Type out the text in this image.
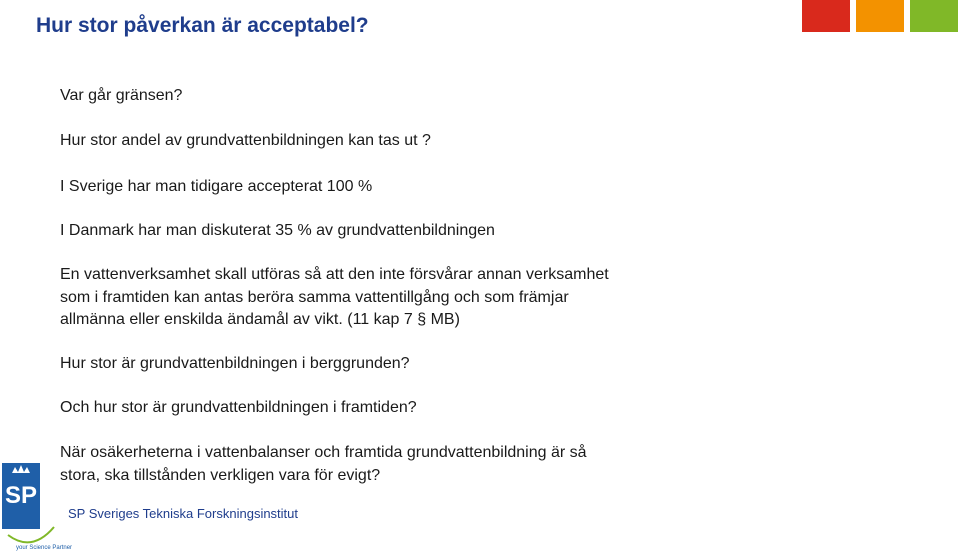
Hur stor påverkan är acceptabel?

Var går gränsen?

Hur stor andel av grundvattenbildningen kan tas ut ?

I Sverige har man tidigare accepterat 100 %

I Danmark har man diskuterat 35 % av grundvattenbildningen

En vattenverksamhet skall utföras så att den inte försvårar annan verksamhet
som i framtiden kan antas beröra samma vattentillgång och som främjar
allmänna eller enskilda ändamål av vikt. (11 kap 7 § MB)

Hur stor är grundvattenbildningen i berggrunden?

Och hur stor är grundvattenbildningen i framtiden?

När osäkerheterna i vattenbalanser och framtida grundvattenbildning är så
stora, ska tillstånden verkligen vara för evigt?
SP
your Science Partner
SP Sveriges Tekniska Forskningsinstitut
